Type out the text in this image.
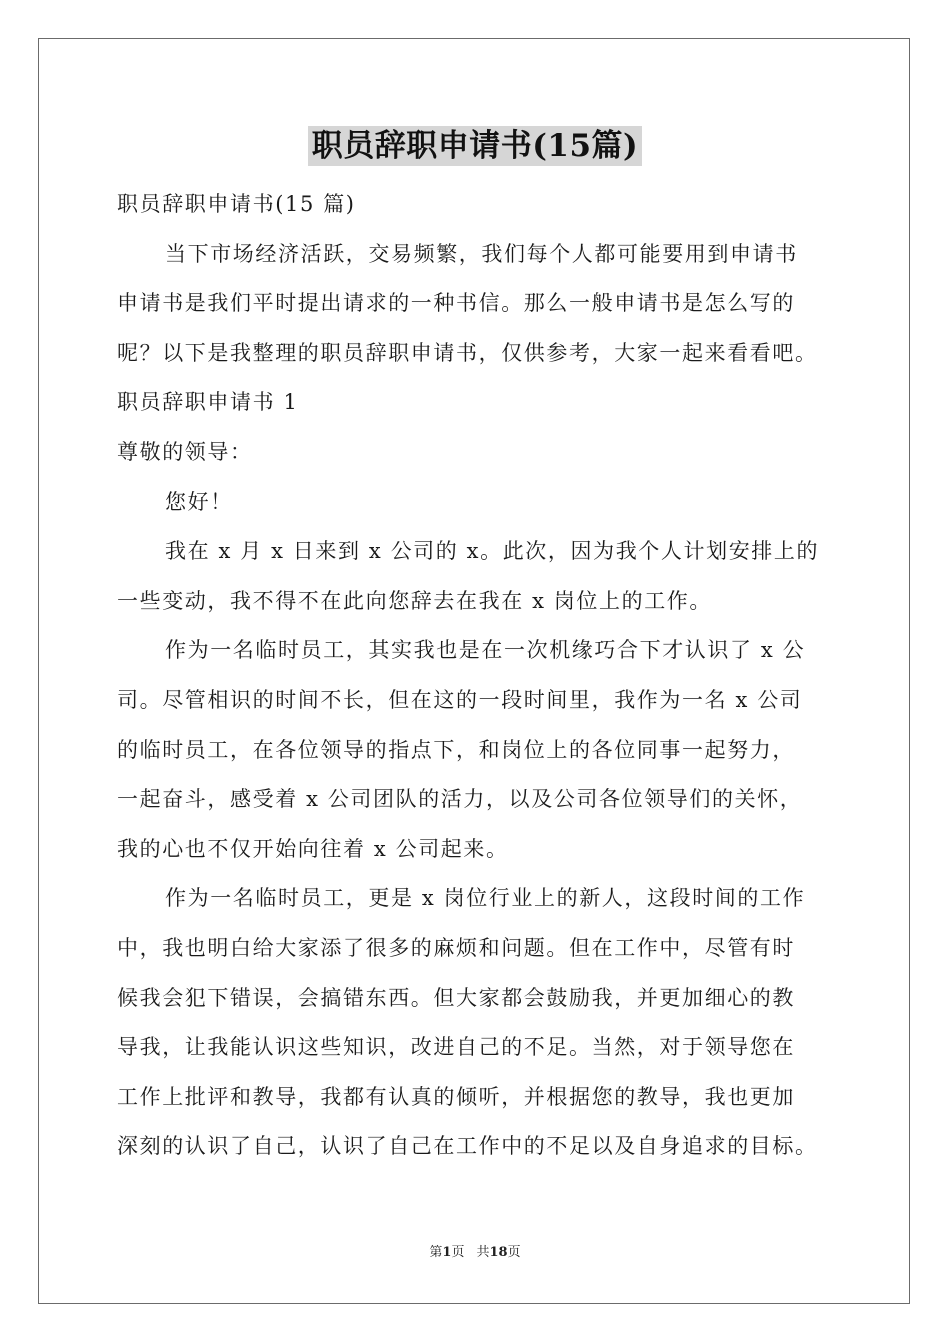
职员辞职申请书(15篇)
职员辞职申请书(15 篇)
当下市场经济活跃，交易频繁，我们每个人都可能要用到申请书
申请书是我们平时提出请求的一种书信。那么一般申请书是怎么写的
呢？以下是我整理的职员辞职申请书，仅供参考，大家一起来看看吧。
职员辞职申请书 1
尊敬的领导：
您好！
我在 x 月 x 日来到 x 公司的 x。此次，因为我个人计划安排上的
一些变动，我不得不在此向您辞去在我在 x 岗位上的工作。
作为一名临时员工，其实我也是在一次机缘巧合下才认识了 x 公
司。尽管相识的时间不长，但在这的一段时间里，我作为一名 x 公司
的临时员工，在各位领导的指点下，和岗位上的各位同事一起努力，
一起奋斗，感受着 x 公司团队的活力，以及公司各位领导们的关怀，
我的心也不仅开始向往着 x 公司起来。
作为一名临时员工，更是 x 岗位行业上的新人，这段时间的工作
中，我也明白给大家添了很多的麻烦和问题。但在工作中，尽管有时
候我会犯下错误，会搞错东西。但大家都会鼓励我，并更加细心的教
导我，让我能认识这些知识，改进自己的不足。当然，对于领导您在
工作上批评和教导，我都有认真的倾听，并根据您的教导，我也更加
深刻的认识了自己，认识了自己在工作中的不足以及自身追求的目标。
第1页 共18页
